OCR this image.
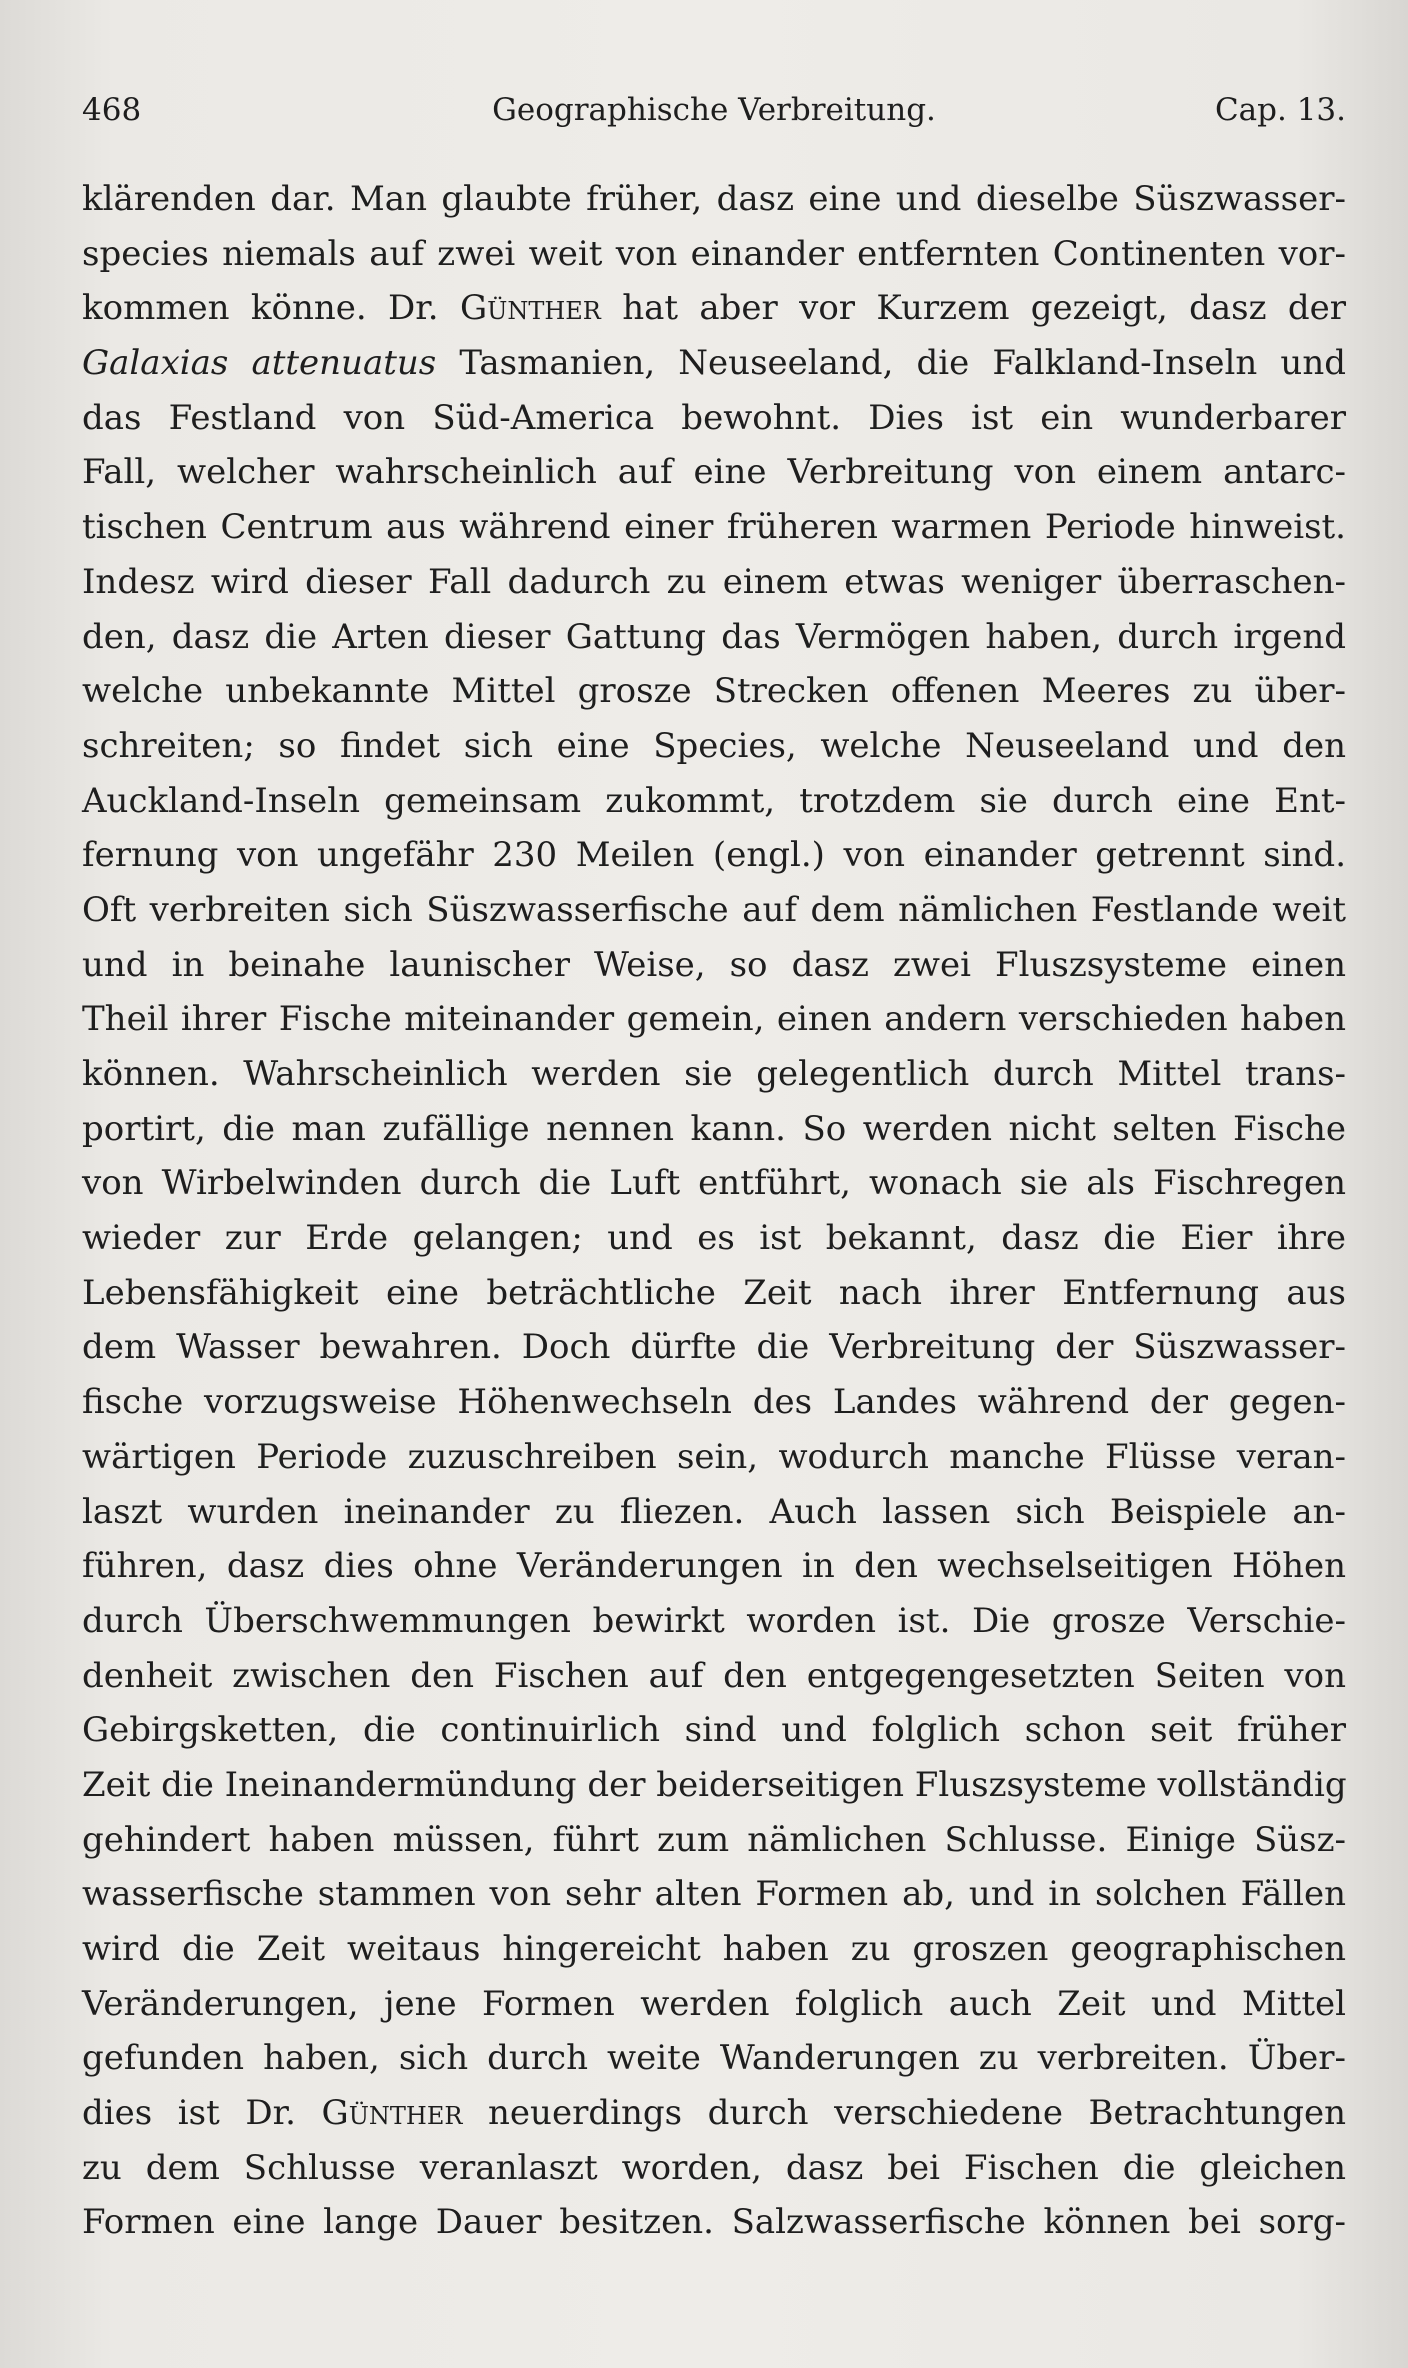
468	Geographische Verbreitung.	Cap. 13.
klärenden dar. Man glaubte früher, dasz eine und dieselbe Süszwasser-
species niemals auf zwei weit von einander entfernten Continenten vor-
kommen könne. Dr. Günther hat aber vor Kurzem gezeigt, dasz der
Galaxias attenuatus Tasmanien, Neuseeland, die Falkland-Inseln und
das Festland von Süd-America bewohnt. Dies ist ein wunderbarer
Fall, welcher wahrscheinlich auf eine Verbreitung von einem antarc-
tischen Centrum aus während einer früheren warmen Periode hinweist.
Indesz wird dieser Fall dadurch zu einem etwas weniger überraschen-
den, dasz die Arten dieser Gattung das Vermögen haben, durch irgend
welche unbekannte Mittel grosze Strecken offenen Meeres zu über-
schreiten; so findet sich eine Species, welche Neuseeland und den
Auckland-Inseln gemeinsam zukommt, trotzdem sie durch eine Ent-
fernung von ungefähr 230 Meilen (engl.) von einander getrennt sind.
Oft verbreiten sich Süszwasserfische auf dem nämlichen Festlande weit
und in beinahe launischer Weise, so dasz zwei Fluszsysteme einen
Theil ihrer Fische miteinander gemein, einen andern verschieden haben
können. Wahrscheinlich werden sie gelegentlich durch Mittel trans-
portirt, die man zufällige nennen kann. So werden nicht selten Fische
von Wirbelwinden durch die Luft entführt, wonach sie als Fischregen
wieder zur Erde gelangen; und es ist bekannt, dasz die Eier ihre
Lebensfähigkeit eine beträchtliche Zeit nach ihrer Entfernung aus
dem Wasser bewahren. Doch dürfte die Verbreitung der Süszwasser-
fische vorzugsweise Höhenwechseln des Landes während der gegen-
wärtigen Periode zuzuschreiben sein, wodurch manche Flüsse veran-
laszt wurden ineinander zu fliezen. Auch lassen sich Beispiele an-
führen, dasz dies ohne Veränderungen in den wechselseitigen Höhen
durch Überschwemmungen bewirkt worden ist. Die grosze Verschie-
denheit zwischen den Fischen auf den entgegengesetzten Seiten von
Gebirgsketten, die continuirlich sind und folglich schon seit früher
Zeit die Ineinandermündung der beiderseitigen Fluszsysteme vollständig
gehindert haben müssen, führt zum nämlichen Schlusse. Einige Süsz-
wasserfische stammen von sehr alten Formen ab, und in solchen Fällen
wird die Zeit weitaus hingereicht haben zu groszen geographischen
Veränderungen, jene Formen werden folglich auch Zeit und Mittel
gefunden haben, sich durch weite Wanderungen zu verbreiten. Über-
dies ist Dr. Günther neuerdings durch verschiedene Betrachtungen
zu dem Schlusse veranlaszt worden, dasz bei Fischen die gleichen
Formen eine lange Dauer besitzen. Salzwasserfische können bei sorg-
